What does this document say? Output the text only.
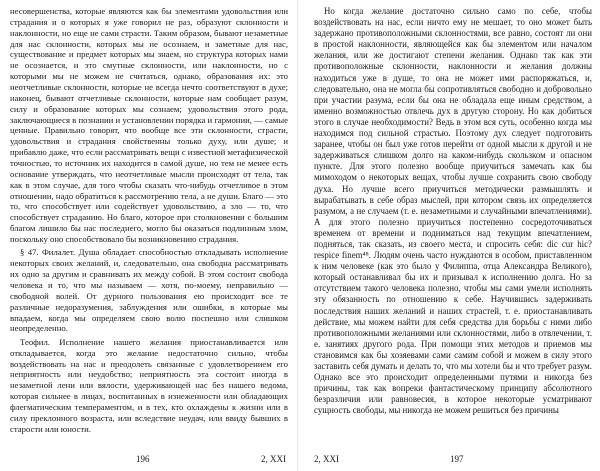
несовершенства, которые являются как бы элементами удовольствия или страдания и о которых я уже говорил не раз, образуют склонности и наклонности, но еще не сами страсти. Таким образом, бывают незаметные для нас склонности, которых мы не осознаем, и заметные для нас, существование и предмет которых мы знаем, но структура которых нами не осознается, и это смутные склонности, или наклонности, но с которыми мы не можем не считаться, однако, образования их: это неотчетливые склонности, которые не всегда нечто соответствуют в духе; наконец, бывают отчетливые склонности, которые нам сообщает разум, силу и образование которых мы сознаем; удовольствия этого рода, заключающиеся в познании и установлении порядка и гармонии, — самые ценные. Правильно говорят, что вообще все эти склонности, страсти, удовольствия и страдания свойственны только духу, или душе; и прибавлю даже, что если рассматривать вещи с известной метафизической точностью, то источник их находится в самой душе, но тем не менее есть основание утверждать, что неотчетливые мысли происходят от тела, так как в этом случае, для того чтобы сказать что-нибудь отчетливое в этом отношении, надо обратиться к рассмотрению тела, а не души. Благо — это то, что способствует или содействует удовольствию, а зло — то, что способствует страданию. Но благо, которое при столкновении с большим благом лишило бы нас последнего, могло бы оказаться подлинным злом, поскольку оно способствовало бы возникновению страдания.

§ 47. Филалет. Душа обладает способностью откладывать исполнение некоторых своих желаний, и, следовательно, она свободна рассматривать их одно за другим и сравнивать их между собой. В этом состоит свобода человека и то, что мы называем — хотя, по-моему, неправильно — свободной волей. От дурного пользования ею происходит все те различные недоразумения, заблуждения или ошибки, в которые мы впадаем, когда мы определяем свою волю поспешно или слишком неопределенно.

Теофил. Исполнение нашего желания приостанавливается или откладывается, когда это желание недостаточно сильно, чтобы воздействовать на нас и преодолеть связанные с удовлетворением его неприятность или неудобство; неприятность эта состоит иногда в незаметной лени или вялости, удерживающей нас без нашего ведома, которая сильнее в лицах, воспитанных в изнеженности или обладающих флегматическим темпераментом, и в тех, кто охлаждены к жизни или в силу преклонного возраста, или вследствие неудач, или ввиду бывших в старости или юности.

196	2, XXI

Но когда желание достаточно сильно само по себе, чтобы воздействовать на нас, если ничто ему не мешает, то оно может быть задержано противоположными склонностями, все равно, состоят ли они в простой наклонности, являющейся как бы элементом или началом желания, или же достигают степени желания. Однако так как эти противоположные склонности, наклонности и желания должны находиться уже в душе, то она не может ими распоряжаться, и, следовательно, она не могла бы сопротивляться свободно и добровольно при участии разума, если бы она не обладала еще иным средством, а именно возможностью отвлечь дух в другую сторону. Но как добиться этого в случае необходимости? Ведь в этом вся суть, особенно когда мы находимся под сильной страстью. Поэтому дух следует подготовить заранее, чтобы он был уже готов перейти от одной мысли к другой и не задерживаться слишком долго на каком-нибудь скользком и опасном пункте. Для этого полезно вообще приучиться замечать как бы мимоходом о некоторых вещах, чтобы лучше сохранить свою свободу духа. Но лучше всего приучиться методически размышлять и вырабатывать в себе образ мыслей, при котором связь их определяется разумом, а не случаем (т. е. незаметными и случайными впечатлениями). А для этого полезно приучиться постепенно сосредоточиваться временем от времени и подниматься над текущим впечатлением, подняться, так сказать, из своего места, и спросить себя: dic cur hic? respice finem⁴⁸. Людям очень часто нуждаются в особом, приставленном к ним человеке (как это было у Филиппа, отца Александра Великого), который останавливал бы их и призывал к исполнению долга. Но за отсутствием такого человека полезно, чтобы мы сами умели исполнять эту обязанность по отношению к себе. Научившись задерживать последствия наших желаний и наших страстей, т. е. приостанавливать действие, мы можем найти для себя средства для борьбы с ними либо противоположными желаниями или склонностями, либо в отвлечении, т. е. занятиях другого рода. При помощи этих методов и приемов мы становимся как бы хозяевами сами самим собой и можем в силу этого заставить себя думать и делать то, что мы хотели бы и что требует разум. Однако все это происходит определенными путями и никогда без причины, так как вопреки фантастическому принципу абсолютного безразличия или равновесия, в которое некоторые усматривают сущность свободы, мы никогда не можем решиться без причины

2, XXI	197
